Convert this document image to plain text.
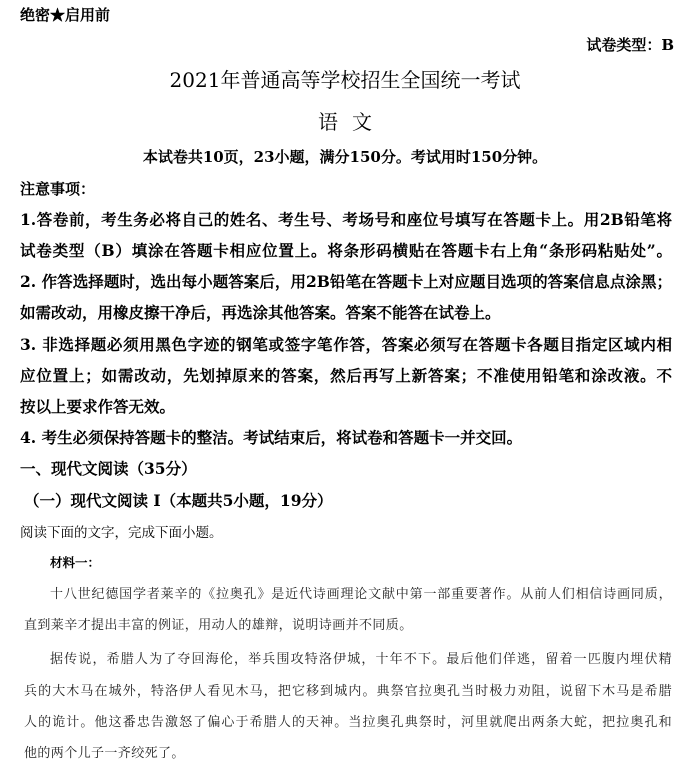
绝密★启用前
试卷类型：B
2021年普通高等学校招生全国统一考试
语文
本试卷共10页，23小题，满分150分。考试用时150分钟。
注意事项：
1.答卷前，考生务必将自己的姓名、考生号、考场号和座位号填写在答题卡上。用2B铅笔将
试卷类型（B）填涂在答题卡相应位置上。将条形码横贴在答题卡右上角“条形码粘贴处”。
2. 作答选择题时，选出每小题答案后，用2B铅笔在答题卡上对应题目选项的答案信息点涂黑；
如需改动，用橡皮擦干净后，再选涂其他答案。答案不能答在试卷上。
3. 非选择题必须用黑色字迹的钢笔或签字笔作答，答案必须写在答题卡各题目指定区域内相
应位置上；如需改动，先划掉原来的答案，然后再写上新答案；不准使用铅笔和涂改液。不
按以上要求作答无效。
4. 考生必须保持答题卡的整洁。考试结束后，将试卷和答题卡一并交回。
一、现代文阅读（35分）
（一）现代文阅读 Ⅰ（本题共5小题，19分）
阅读下面的文字，完成下面小题。
材料一：
十八世纪德国学者莱辛的《拉奥孔》是近代诗画理论文献中第一部重要著作。从前人们相信诗画同质，
直到莱辛才提出丰富的例证，用动人的雄辩，说明诗画并不同质。
据传说，希腊人为了夺回海伦，举兵围攻特洛伊城，十年不下。最后他们佯逃，留着一匹腹内埋伏精
兵的大木马在城外，特洛伊人看见木马，把它移到城内。典祭官拉奥孔当时极力劝阻，说留下木马是希腊
人的诡计。他这番忠告激怒了偏心于希腊人的天神。当拉奥孔典祭时，河里就爬出两条大蛇，把拉奥孔和
他的两个儿子一齐绞死了。
